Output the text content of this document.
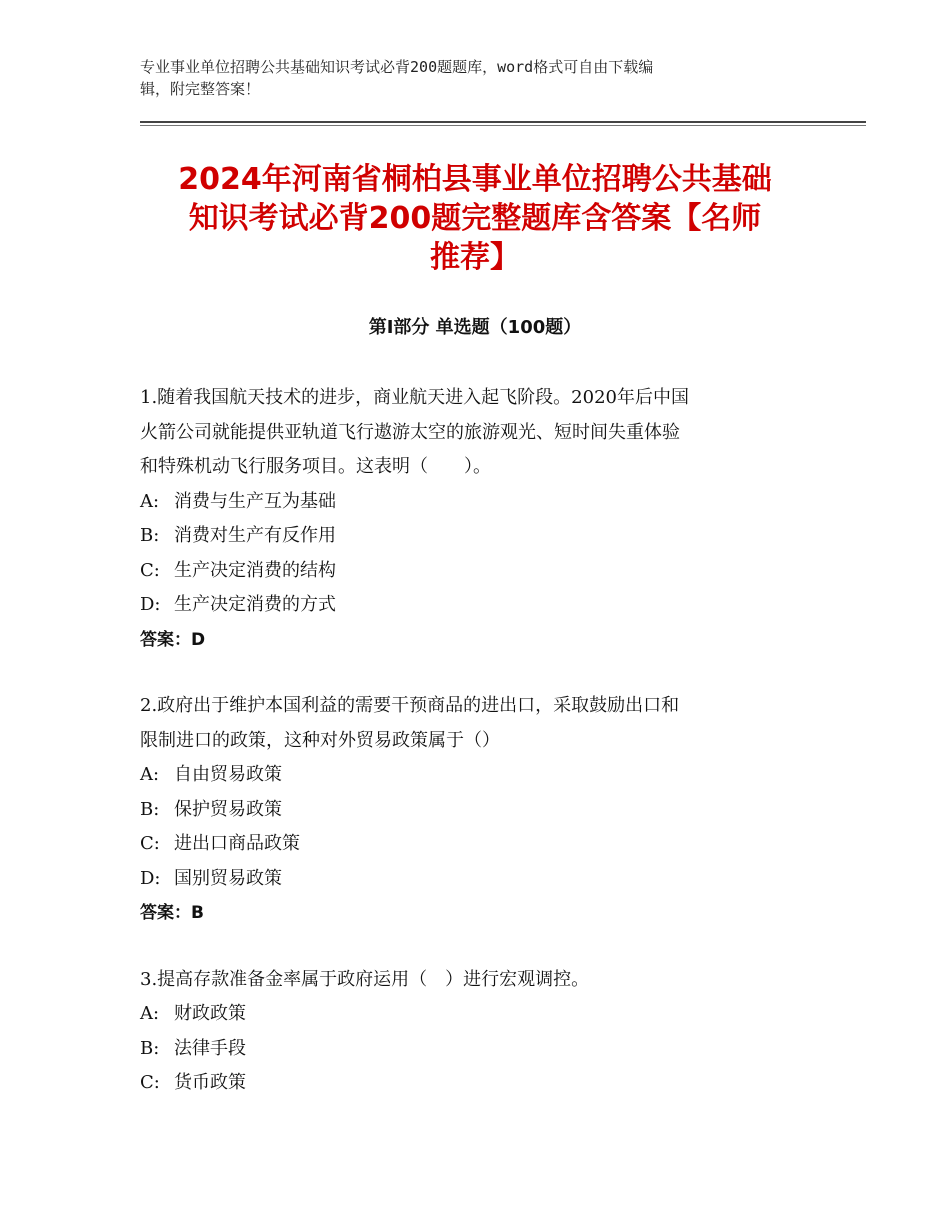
专业事业单位招聘公共基础知识考试必背200题题库，word格式可自由下载编
辑，附完整答案！
2024年河南省桐柏县事业单位招聘公共基础
知识考试必背200题完整题库含答案【名师
推荐】
第Ⅰ部分 单选题（100题）

1.随着我国航天技术的进步，商业航天进入起飞阶段。2020年后中国

火箭公司就能提供亚轨道飞行遨游太空的旅游观光、短时间失重体验

和特殊机动飞行服务项目。这表明（　　）。

A: 消费与生产互为基础

B: 消费对生产有反作用

C: 生产决定消费的结构

D: 生产决定消费的方式

答案：D

2.政府出于维护本国利益的需要干预商品的进出口，采取鼓励出口和

限制进口的政策，这种对外贸易政策属于（）

A: 自由贸易政策

B: 保护贸易政策

C: 进出口商品政策

D: 国别贸易政策

答案：B

3.提高存款准备金率属于政府运用（　）进行宏观调控。

A: 财政政策

B: 法律手段

C: 货币政策
